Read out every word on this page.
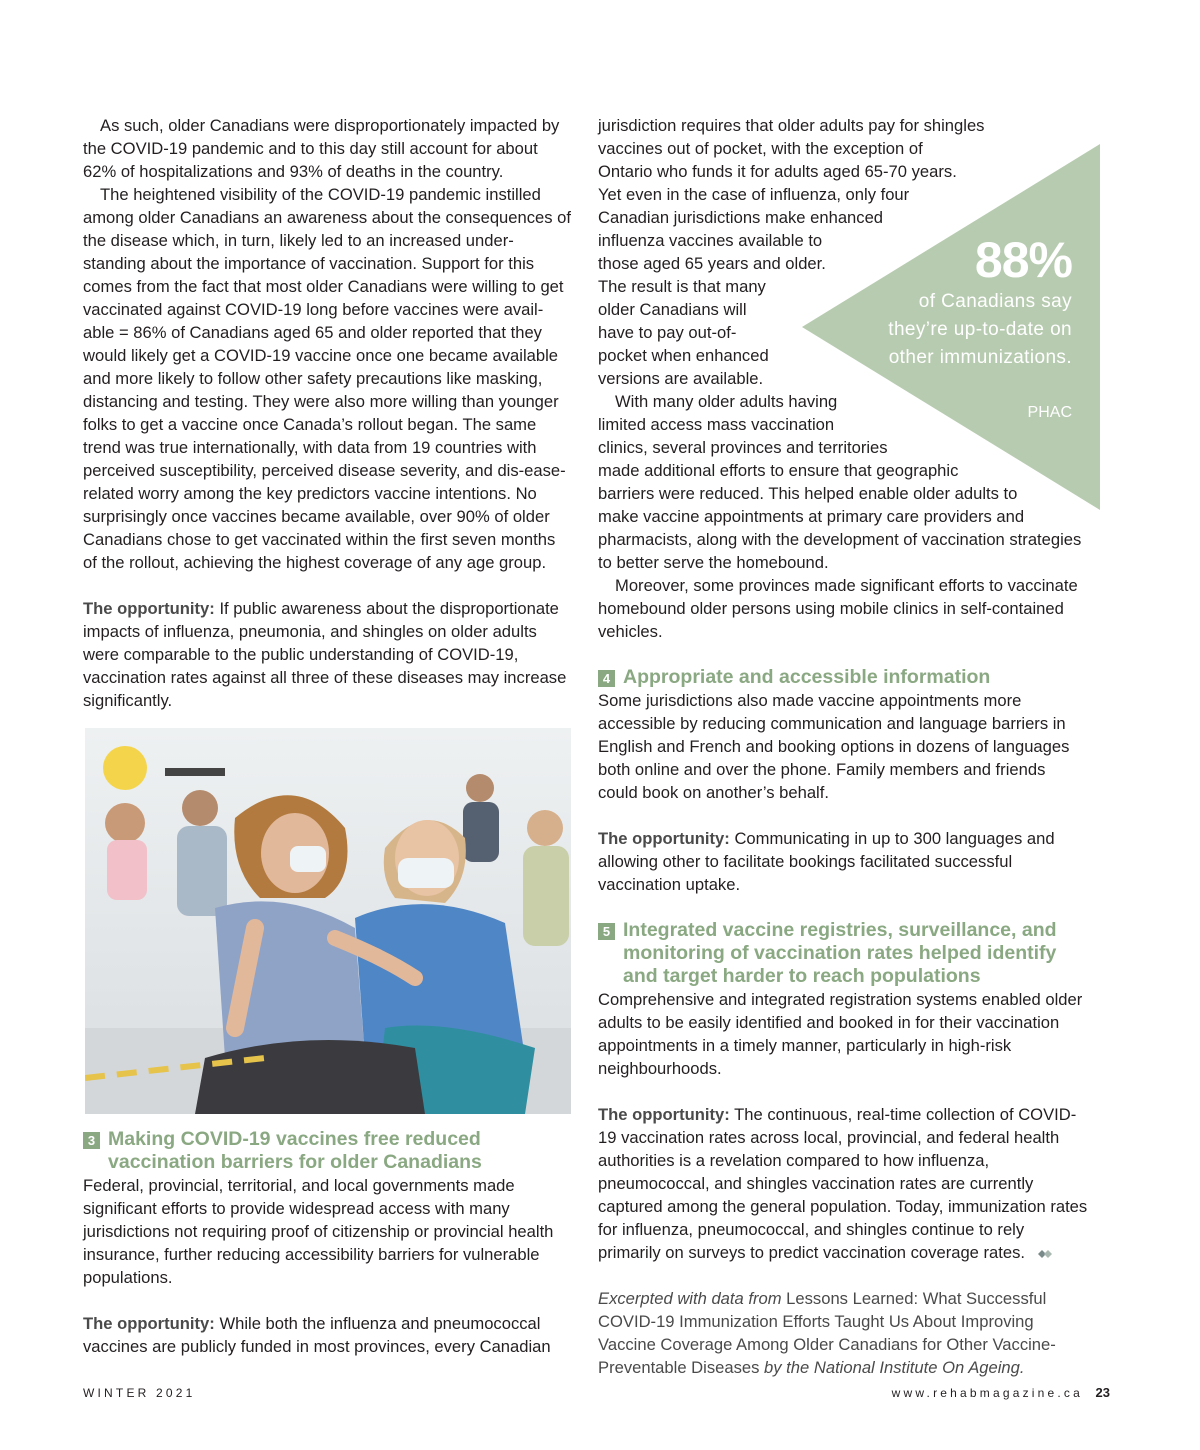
88%
of Canadians say they’re up-to-date on other immunizations.
PHAC

As such, older Canadians were disproportionately impacted by the COVID-19 pandemic and to this day still account for about 62% of hospitalizations and 93% of deaths in the country.

The heightened visibility of the COVID-19 pandemic instilled among older Canadians an awareness about the consequences of the disease which, in turn, likely led to an increased under-standing about the importance of vaccination. Support for this comes from the fact that most older Canadians were willing to get vaccinated against COVID-19 long before vaccines were avail-able = 86% of Canadians aged 65 and older reported that they would likely get a COVID-19 vaccine once one became available and more likely to follow other safety precautions like masking, distancing and testing. They were also more willing than younger folks to get a vaccine once Canada’s rollout began. The same trend was true internationally, with data from 19 countries with perceived susceptibility, perceived disease severity, and dis-ease-related worry among the key predictors vaccine intentions. No surprisingly once vaccines became available, over 90% of older Canadians chose to get vaccinated within the first seven months of the rollout, achieving the highest coverage of any age group.

The opportunity: If public awareness about the disproportionate impacts of influenza, pneumonia, and shingles on older adults were comparable to the public understanding of COVID-19, vaccination rates against all three of these diseases may increase significantly.

3 Making COVID-19 vaccines free reduced vaccination barriers for older Canadians

Federal, provincial, territorial, and local governments made significant efforts to provide widespread access with many jurisdictions not requiring proof of citizenship or provincial health insurance, further reducing accessibility barriers for vulnerable populations.

The opportunity: While both the influenza and pneumococcal vaccines are publicly funded in most provinces, every Canadian

jurisdiction requires that older adults pay for shingles vaccines out of pocket, with the exception of Ontario who funds it for adults aged 65-70 years. Yet even in the case of influenza, only four Canadian jurisdictions make enhanced influenza vaccines available to those aged 65 years and older. The result is that many older Canadians will have to pay out-of-pocket when enhanced versions are available.

With many older adults having limited access mass vaccination clinics, several provinces and territories made additional efforts to ensure that geographic barriers were reduced. This helped enable older adults to make vaccine appointments at primary care providers and pharmacists, along with the development of vaccination strategies to better serve the homebound.

Moreover, some provinces made significant efforts to vaccinate homebound older persons using mobile clinics in self-contained vehicles.

4 Appropriate and accessible information

Some jurisdictions also made vaccine appointments more accessible by reducing communication and language barriers in English and French and booking options in dozens of languages both online and over the phone. Family members and friends could book on another’s behalf.

The opportunity: Communicating in up to 300 languages and allowing other to facilitate bookings facilitated successful vaccination uptake.

5 Integrated vaccine registries, surveillance, and monitoring of vaccination rates helped identify and target harder to reach populations

Comprehensive and integrated registration systems enabled older adults to be easily identified and booked in for their vaccination appointments in a timely manner, particularly in high-risk neighbourhoods.

The opportunity: The continuous, real-time collection of COVID-19 vaccination rates across local, provincial, and federal health authorities is a revelation compared to how influenza, pneumococcal, and shingles vaccination rates are currently captured among the general population. Today, immunization rates for influenza, pneumococcal, and shingles continue to rely primarily on surveys to predict vaccination coverage rates.

Excerpted with data from Lessons Learned: What Successful COVID-19 Immunization Efforts Taught Us About Improving Vaccine Coverage Among Older Canadians for Other Vaccine-Preventable Diseases by the National Institute On Ageing.

WINTER 2021	www.rehabmagazine.ca 23
